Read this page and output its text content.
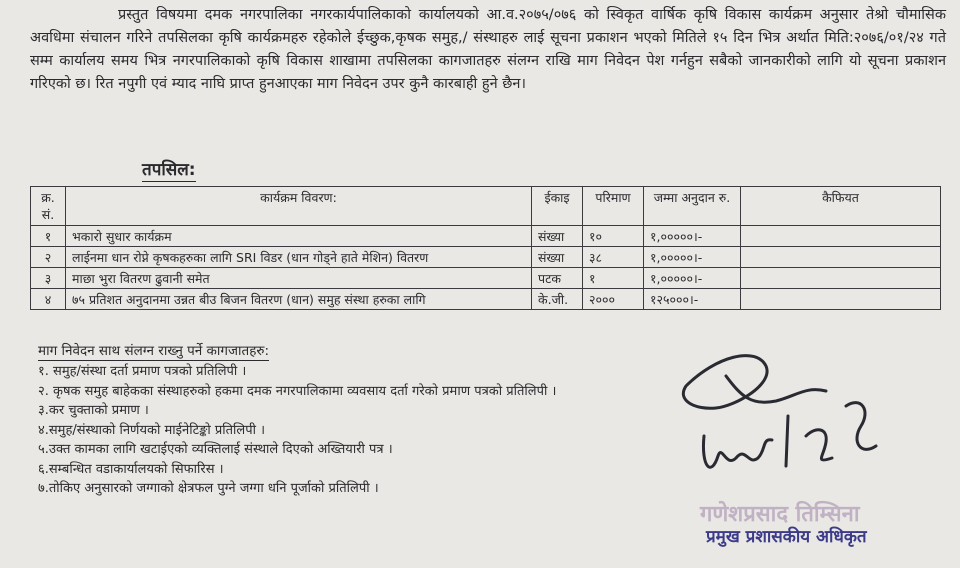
प्रस्तुत विषयमा दमक नगरपालिका नगरकार्यपालिकाको कार्यालयको आ.व.२०७५/०७६ को स्विकृत वार्षिक कृषि विकास कार्यक्रम अनुसार तेश्रो चौमासिक अवधिमा संचालन गरिने तपसिलका कृषि कार्यक्रमहरु रहेकोले ईच्छुक,कृषक समुह,/ संस्थाहरु लाई सूचना प्रकाशन भएको मितिले १५ दिन भित्र अर्थात मिति:२०७६/०१/२४ गते सम्म कार्यालय समय भित्र नगरपालिकाको कृषि विकास शाखामा तपसिलका कागजातहरु संलग्न राखि माग निवेदन पेश गर्नहुन सबैको जानकारीको लागि यो सूचना प्रकाशन गरिएको छ। रित नपुगी एवं म्याद नाघि प्राप्त हुनआएका माग निवेदन उपर कुनै कारबाही हुने छैन।

तपसिल:
क्र. सं.	कार्यक्रम विवरण:	ईकाइ	परिमाण	जम्मा अनुदान रु.	कैफियत
१	भकारो सुधार कार्यक्रम	संख्या	१०	१,०००००।-	
२	लाईनमा धान रोप्ने कृषकहरुका लागि SRI विडर (धान गोड्ने हाते मेशिन) वितरण	संख्या	३८	१,०००००।-	
३	माछा भुरा वितरण ढुवानी समेत	पटक	१	१,०००००।-	
४	७५ प्रतिशत अनुदानमा उन्नत बीउ बिजन वितरण (धान) समुह संस्था हरुका लागि	के.जी.	२०००	१२५०००।-	
माग निवेदन साथ संलग्न राख्नु पर्ने कागजातहरु:
१. समुह/संस्था दर्ता प्रमाण पत्रको प्रतिलिपी ।
२. कृषक समुह बाहेकका संस्थाहरुको हकमा दमक नगरपालिकामा व्यवसाय दर्ता गरेको प्रमाण पत्रको प्रतिलिपी ।
३.कर चुक्ताको प्रमाण ।
४.समुह/संस्थाको निर्णयको माईनेटिङ्को प्रतिलिपी ।
५.उक्त कामका लागि खटाईएको व्यक्तिलाई संस्थाले दिएको अख्तियारी पत्र ।
६.सम्बन्धित वडाकार्यालयको सिफारिस ।
७.तोकिए अनुसारको जग्गाको क्षेत्रफल पुग्ने जग्गा धनि पूर्जाको प्रतिलिपी ।
गणेशप्रसाद तिम्सिना
प्रमुख प्रशासकीय अधिकृत
